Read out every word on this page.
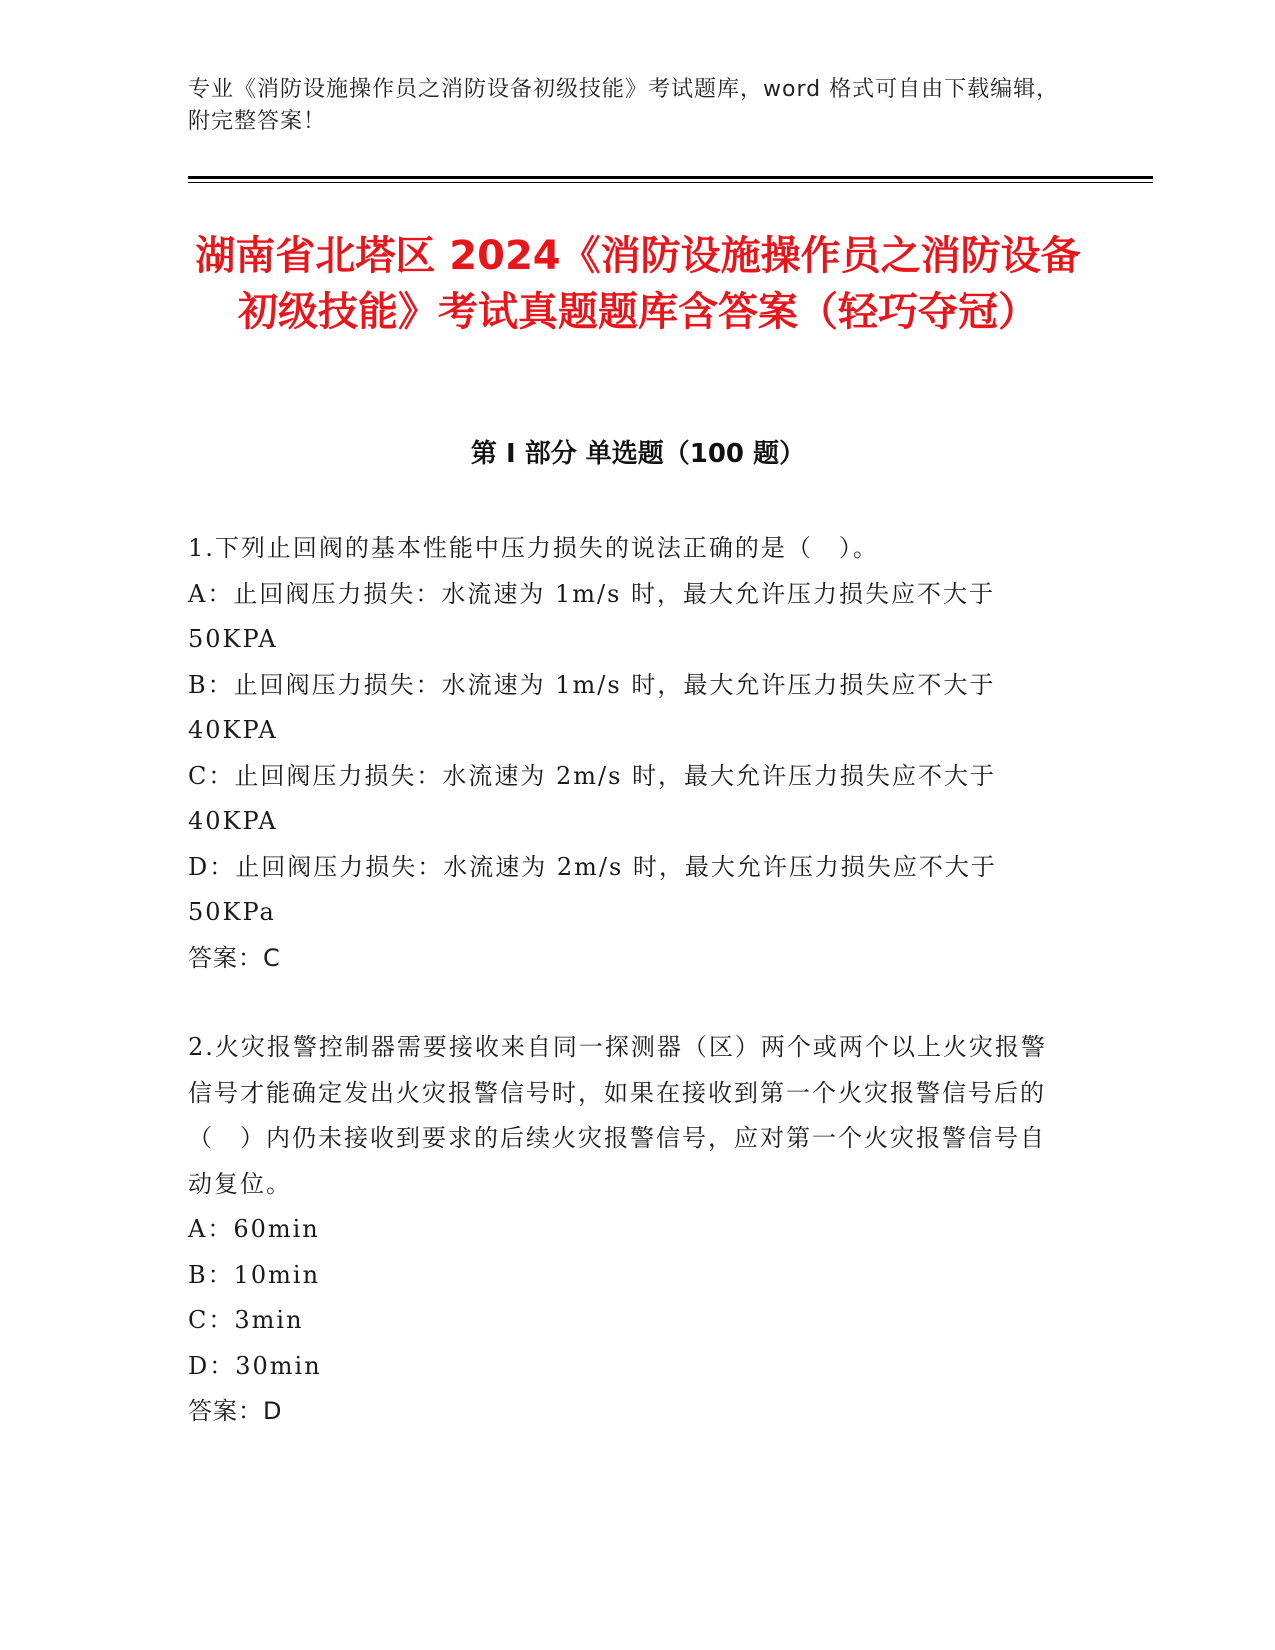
专业《消防设施操作员之消防设备初级技能》考试题库，word 格式可自由下载编辑，附完整答案！
湖南省北塔区 2024《消防设施操作员之消防设备初级技能》考试真题题库含答案（轻巧夺冠）
第 I 部分 单选题（100 题）
1.下列止回阀的基本性能中压力损失的说法正确的是（　）。
A：止回阀压力损失：水流速为 1m/s 时，最大允许压力损失应不大于 50KPA
B：止回阀压力损失：水流速为 1m/s 时，最大允许压力损失应不大于 40KPA
C：止回阀压力损失：水流速为 2m/s 时，最大允许压力损失应不大于 40KPA
D：止回阀压力损失：水流速为 2m/s 时，最大允许压力损失应不大于 50KPa
答案：C
2.火灾报警控制器需要接收来自同一探测器（区）两个或两个以上火灾报警信号才能确定发出火灾报警信号时，如果在接收到第一个火灾报警信号后的（　）内仍未接收到要求的后续火灾报警信号，应对第一个火灾报警信号自动复位。
A：60min
B：10min
C：3min
D：30min
答案：D
